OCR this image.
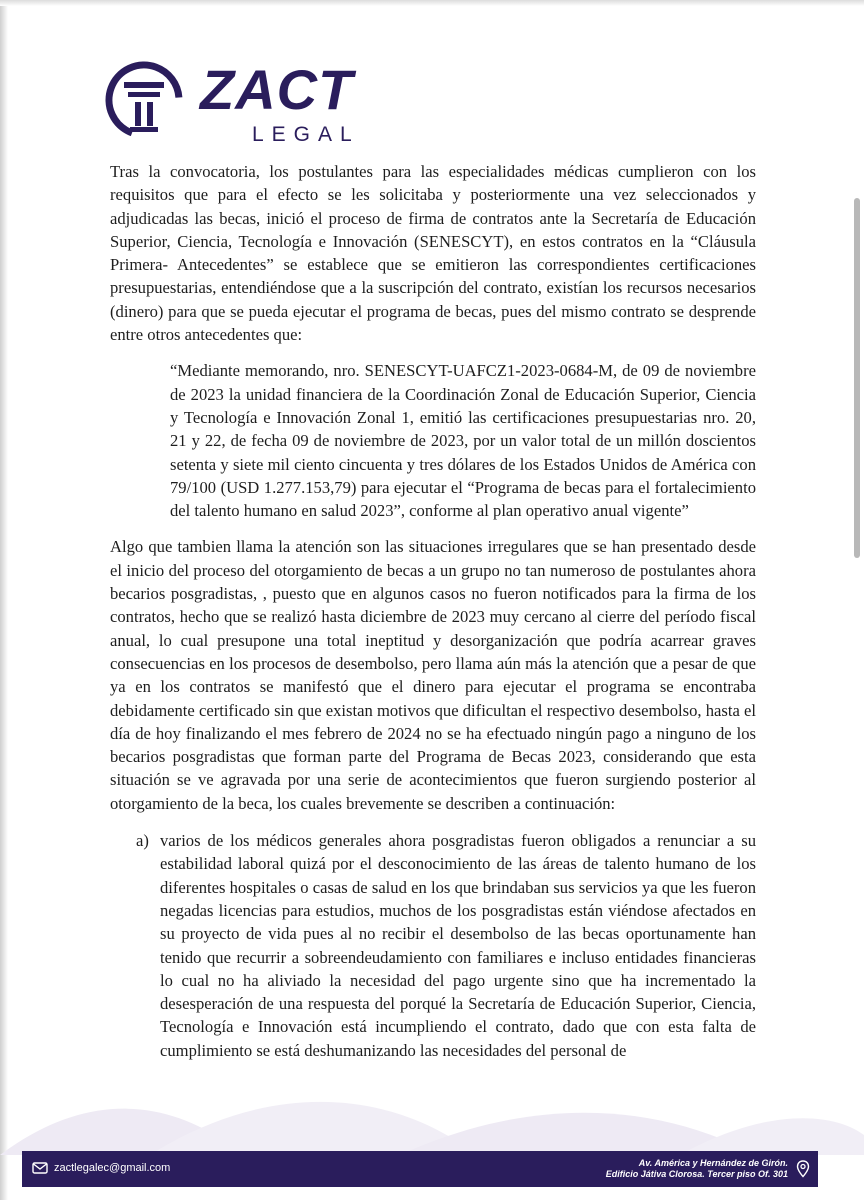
ZACT
LEGAL

Tras la convocatoria, los postulantes para las especialidades médicas cumplieron con los requisitos que para el efecto se les solicitaba y posteriormente una vez seleccionados y adjudicadas las becas, inició el proceso de firma de contratos ante la Secretaría de Educación Superior, Ciencia, Tecnología e Innovación (SENESCYT), en estos contratos en la “Cláusula Primera- Antecedentes” se establece que se emitieron las correspondientes certificaciones presupuestarias, entendiéndose que a la suscripción del contrato, existían los recursos necesarios (dinero) para que se pueda ejecutar el programa de becas, pues del mismo contrato se desprende entre otros antecedentes que:

“Mediante memorando, nro. SENESCYT-UAFCZ1-2023-0684-M, de 09 de noviembre de 2023 la unidad financiera de la Coordinación Zonal de Educación Superior, Ciencia y Tecnología e Innovación Zonal 1, emitió las certificaciones presupuestarias nro. 20, 21 y 22, de fecha 09 de noviembre de 2023, por un valor total de un millón doscientos setenta y siete mil ciento cincuenta y tres dólares de los Estados Unidos de América con 79/100 (USD 1.277.153,79) para ejecutar el “Programa de becas para el fortalecimiento del talento humano en salud 2023”, conforme al plan operativo anual vigente”

Algo que tambien llama la atención son las situaciones irregulares que se han presentado desde el inicio del proceso del otorgamiento de becas a un grupo no tan numeroso de postulantes ahora becarios posgradistas, , puesto que en algunos casos no fueron notificados para la firma de los contratos, hecho que se realizó hasta diciembre de 2023 muy cercano al cierre del período fiscal anual, lo cual presupone una total ineptitud y desorganización que podría acarrear graves consecuencias en los procesos de desembolso, pero llama aún más la atención que a pesar de que ya en los contratos se manifestó que el dinero para ejecutar el programa se encontraba debidamente certificado sin que existan motivos que dificultan el respectivo desembolso, hasta el día de hoy finalizando el mes febrero de 2024 no se ha efectuado ningún pago a ninguno de los becarios posgradistas que forman parte del Programa de Becas 2023, considerando que esta situación se ve agravada por una serie de acontecimientos que fueron surgiendo posterior al otorgamiento de la beca, los cuales brevemente se describen a continuación:

a) varios de los médicos generales ahora posgradistas fueron obligados a renunciar a su estabilidad laboral quizá por el desconocimiento de las áreas de talento humano de los diferentes hospitales o casas de salud en los que brindaban sus servicios ya que les fueron negadas licencias para estudios, muchos de los posgradistas están viéndose afectados en su proyecto de vida pues al no recibir el desembolso de las becas oportunamente han tenido que recurrir a sobreendeudamiento con familiares e incluso entidades financieras lo cual no ha aliviado la necesidad del pago urgente sino que ha incrementado la desesperación de una respuesta del porqué la Secretaría de Educación Superior, Ciencia, Tecnología e Innovación está incumpliendo el contrato, dado que con esta falta de cumplimiento se está deshumanizando las necesidades del personal de
zactlegalec@gmail.com	Av. América y Hernández de Girón.
Edificio Játiva Clorosa. Tercer piso Of. 301
